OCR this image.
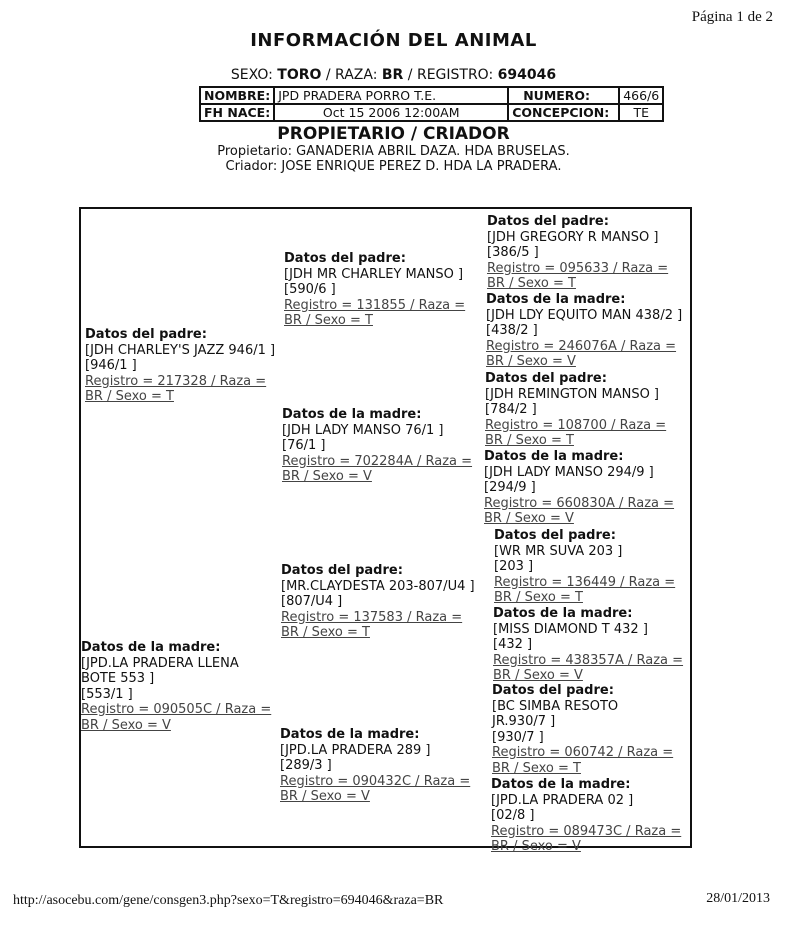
Página 1 de 2
INFORMACIÓN DEL ANIMAL
SEXO: TORO / RAZA: BR / REGISTRO: 694046
NOMBRE:	JPD PRADERA PORRO T.E.	NUMERO:	466/6
FH NACE:	Oct 15 2006 12:00AM	CONCEPCION:	TE
PROPIETARIO / CRIADOR
Propietario: GANADERIA ABRIL DAZA. HDA BRUSELAS.
Criador: JOSE ENRIQUE PEREZ D. HDA LA PRADERA.
Datos del padre:
[JDH CHARLEY'S JAZZ 946/1 ]
[946/1 ]
Registro = 217328 / Raza =
BR / Sexo = T
Datos de la madre:
[JPD.LA PRADERA LLENA
BOTE 553 ]
[553/1 ]
Registro = 090505C / Raza =
BR / Sexo = V
Datos del padre:
[JDH MR CHARLEY MANSO ]
[590/6 ]
Registro = 131855 / Raza =
BR / Sexo = T
Datos de la madre:
[JDH LADY MANSO 76/1 ]
[76/1 ]
Registro = 702284A / Raza =
BR / Sexo = V
Datos del padre:
[MR.CLAYDESTA 203-807/U4 ]
[807/U4 ]
Registro = 137583 / Raza =
BR / Sexo = T
Datos de la madre:
[JPD.LA PRADERA 289 ]
[289/3 ]
Registro = 090432C / Raza =
BR / Sexo = V
Datos del padre:
[JDH GREGORY R MANSO ]
[386/5 ]
Registro = 095633 / Raza =
BR / Sexo = T
Datos de la madre:
[JDH LDY EQUITO MAN 438/2 ]
[438/2 ]
Registro = 246076A / Raza =
BR / Sexo = V
Datos del padre:
[JDH REMINGTON MANSO ]
[784/2 ]
Registro = 108700 / Raza =
BR / Sexo = T
Datos de la madre:
[JDH LADY MANSO 294/9 ]
[294/9 ]
Registro = 660830A / Raza =
BR / Sexo = V
Datos del padre:
[WR MR SUVA 203 ]
[203 ]
Registro = 136449 / Raza =
BR / Sexo = T
Datos de la madre:
[MISS DIAMOND T 432 ]
[432 ]
Registro = 438357A / Raza =
BR / Sexo = V
Datos del padre:
[BC SIMBA RESOTO
JR.930/7 ]
[930/7 ]
Registro = 060742 / Raza =
BR / Sexo = T
Datos de la madre:
[JPD.LA PRADERA 02 ]
[02/8 ]
Registro = 089473C / Raza =
BR / Sexo = V
http://asocebu.com/gene/consgen3.php?sexo=T&registro=694046&raza=BR	28/01/2013
